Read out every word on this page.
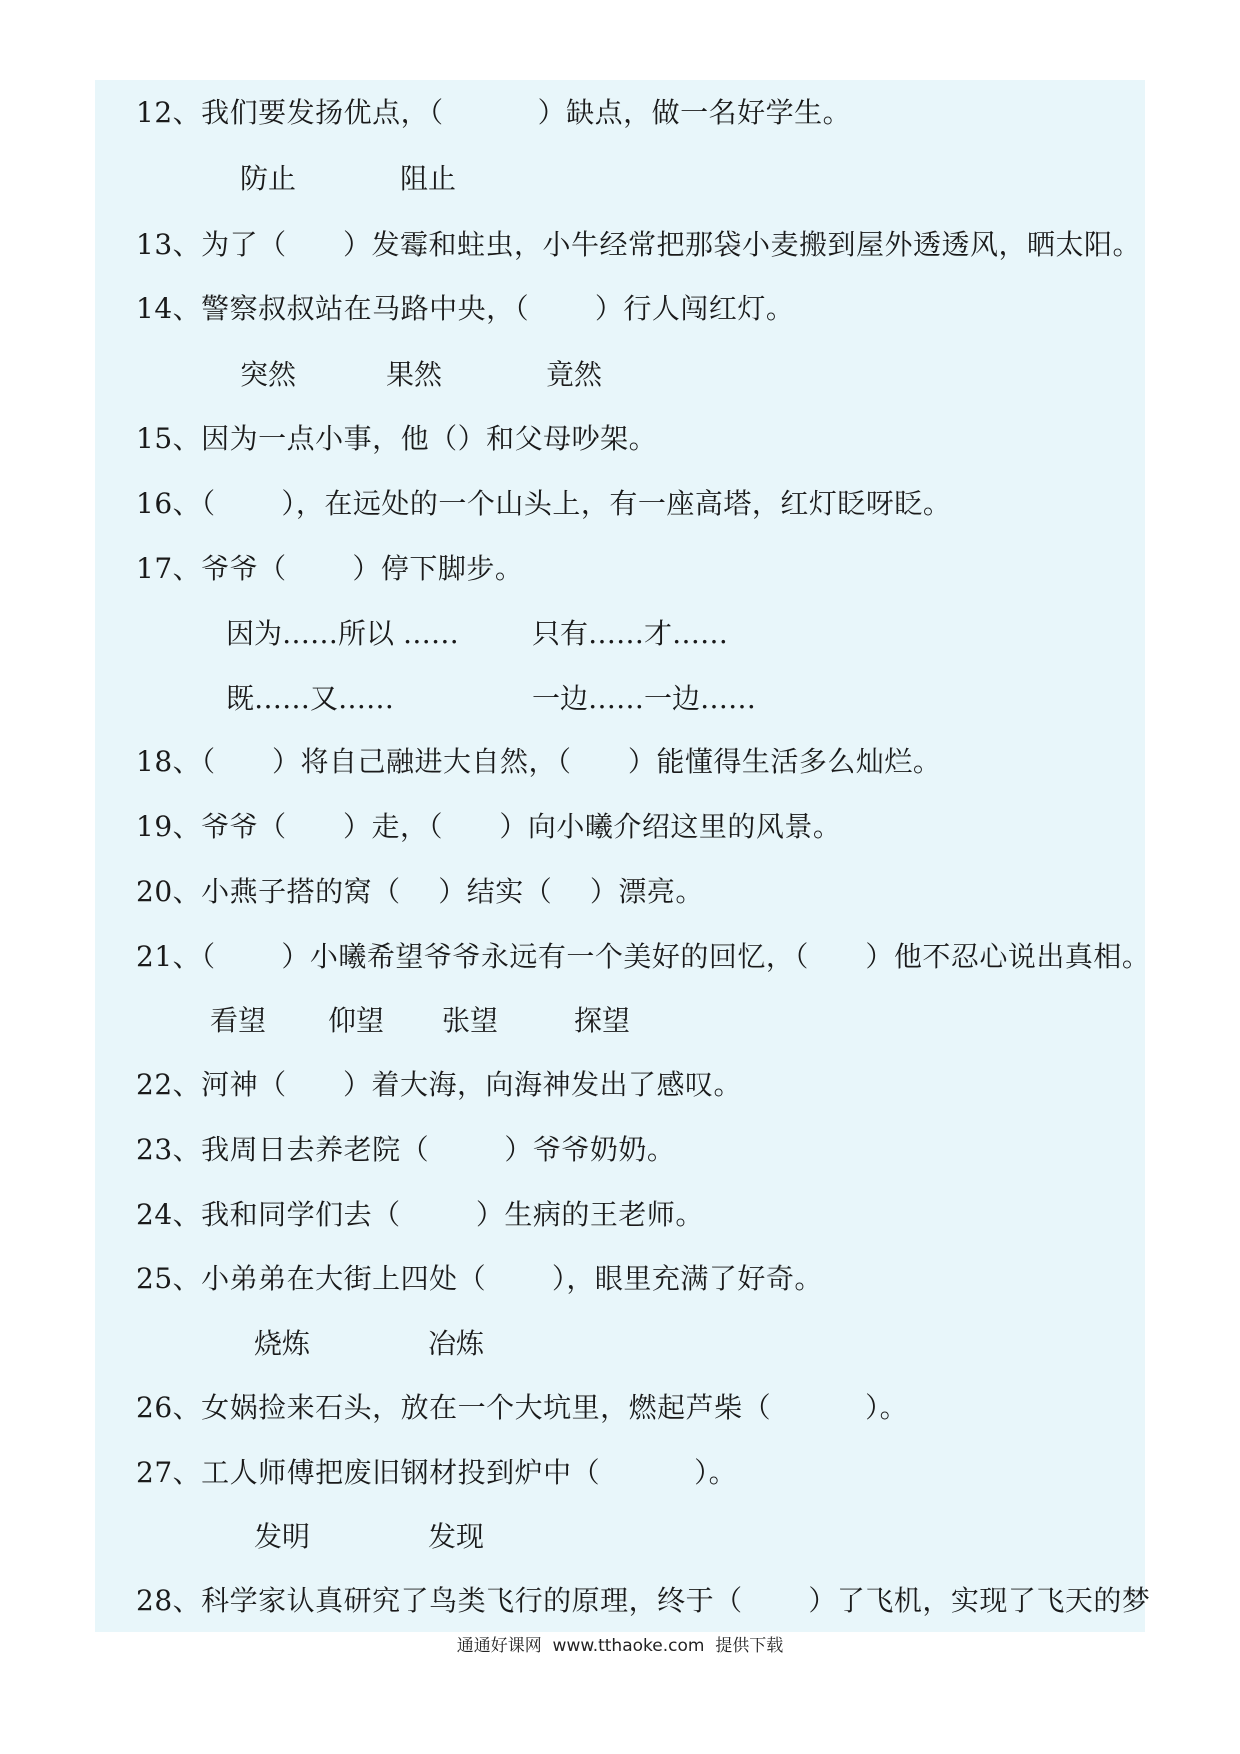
12、我们要发扬优点，（          ）缺点，做一名好学生。
防止	阻止
13、为了（      ）发霉和蛀虫，小牛经常把那袋小麦搬到屋外透透风，晒太阳。
14、警察叔叔站在马路中央，（       ）行人闯红灯。
突然	果然	竟然
15、因为一点小事，他（）和父母吵架。
16、（       ），在远处的一个山头上，有一座高塔，红灯眨呀眨。
17、爷爷（       ）停下脚步。
因为……所以 ……	只有……才……
既……又……	一边……一边……
18、（      ）将自己融进大自然，（      ）能懂得生活多么灿烂。
19、爷爷（      ）走，（      ）向小曦介绍这里的风景。
20、小燕子搭的窝（    ）结实（    ）漂亮。
21、（       ）小曦希望爷爷永远有一个美好的回忆，（      ）他不忍心说出真相。
看望 仰望 张望	探望
22、河神（      ）着大海，向海神发出了感叹。
23、我周日去养老院（        ）爷爷奶奶。
24、我和同学们去（        ）生病的王老师。
25、小弟弟在大街上四处（       ），眼里充满了好奇。
烧炼	冶炼
26、女娲捡来石头，放在一个大坑里，燃起芦柴（          ）。
27、工人师傅把废旧钢材投到炉中（          ）。
发明	发现
28、科学家认真研究了鸟类飞行的原理，终于（       ）了飞机，实现了飞天的梦
通通好课网  www.tthaoke.com  提供下载
